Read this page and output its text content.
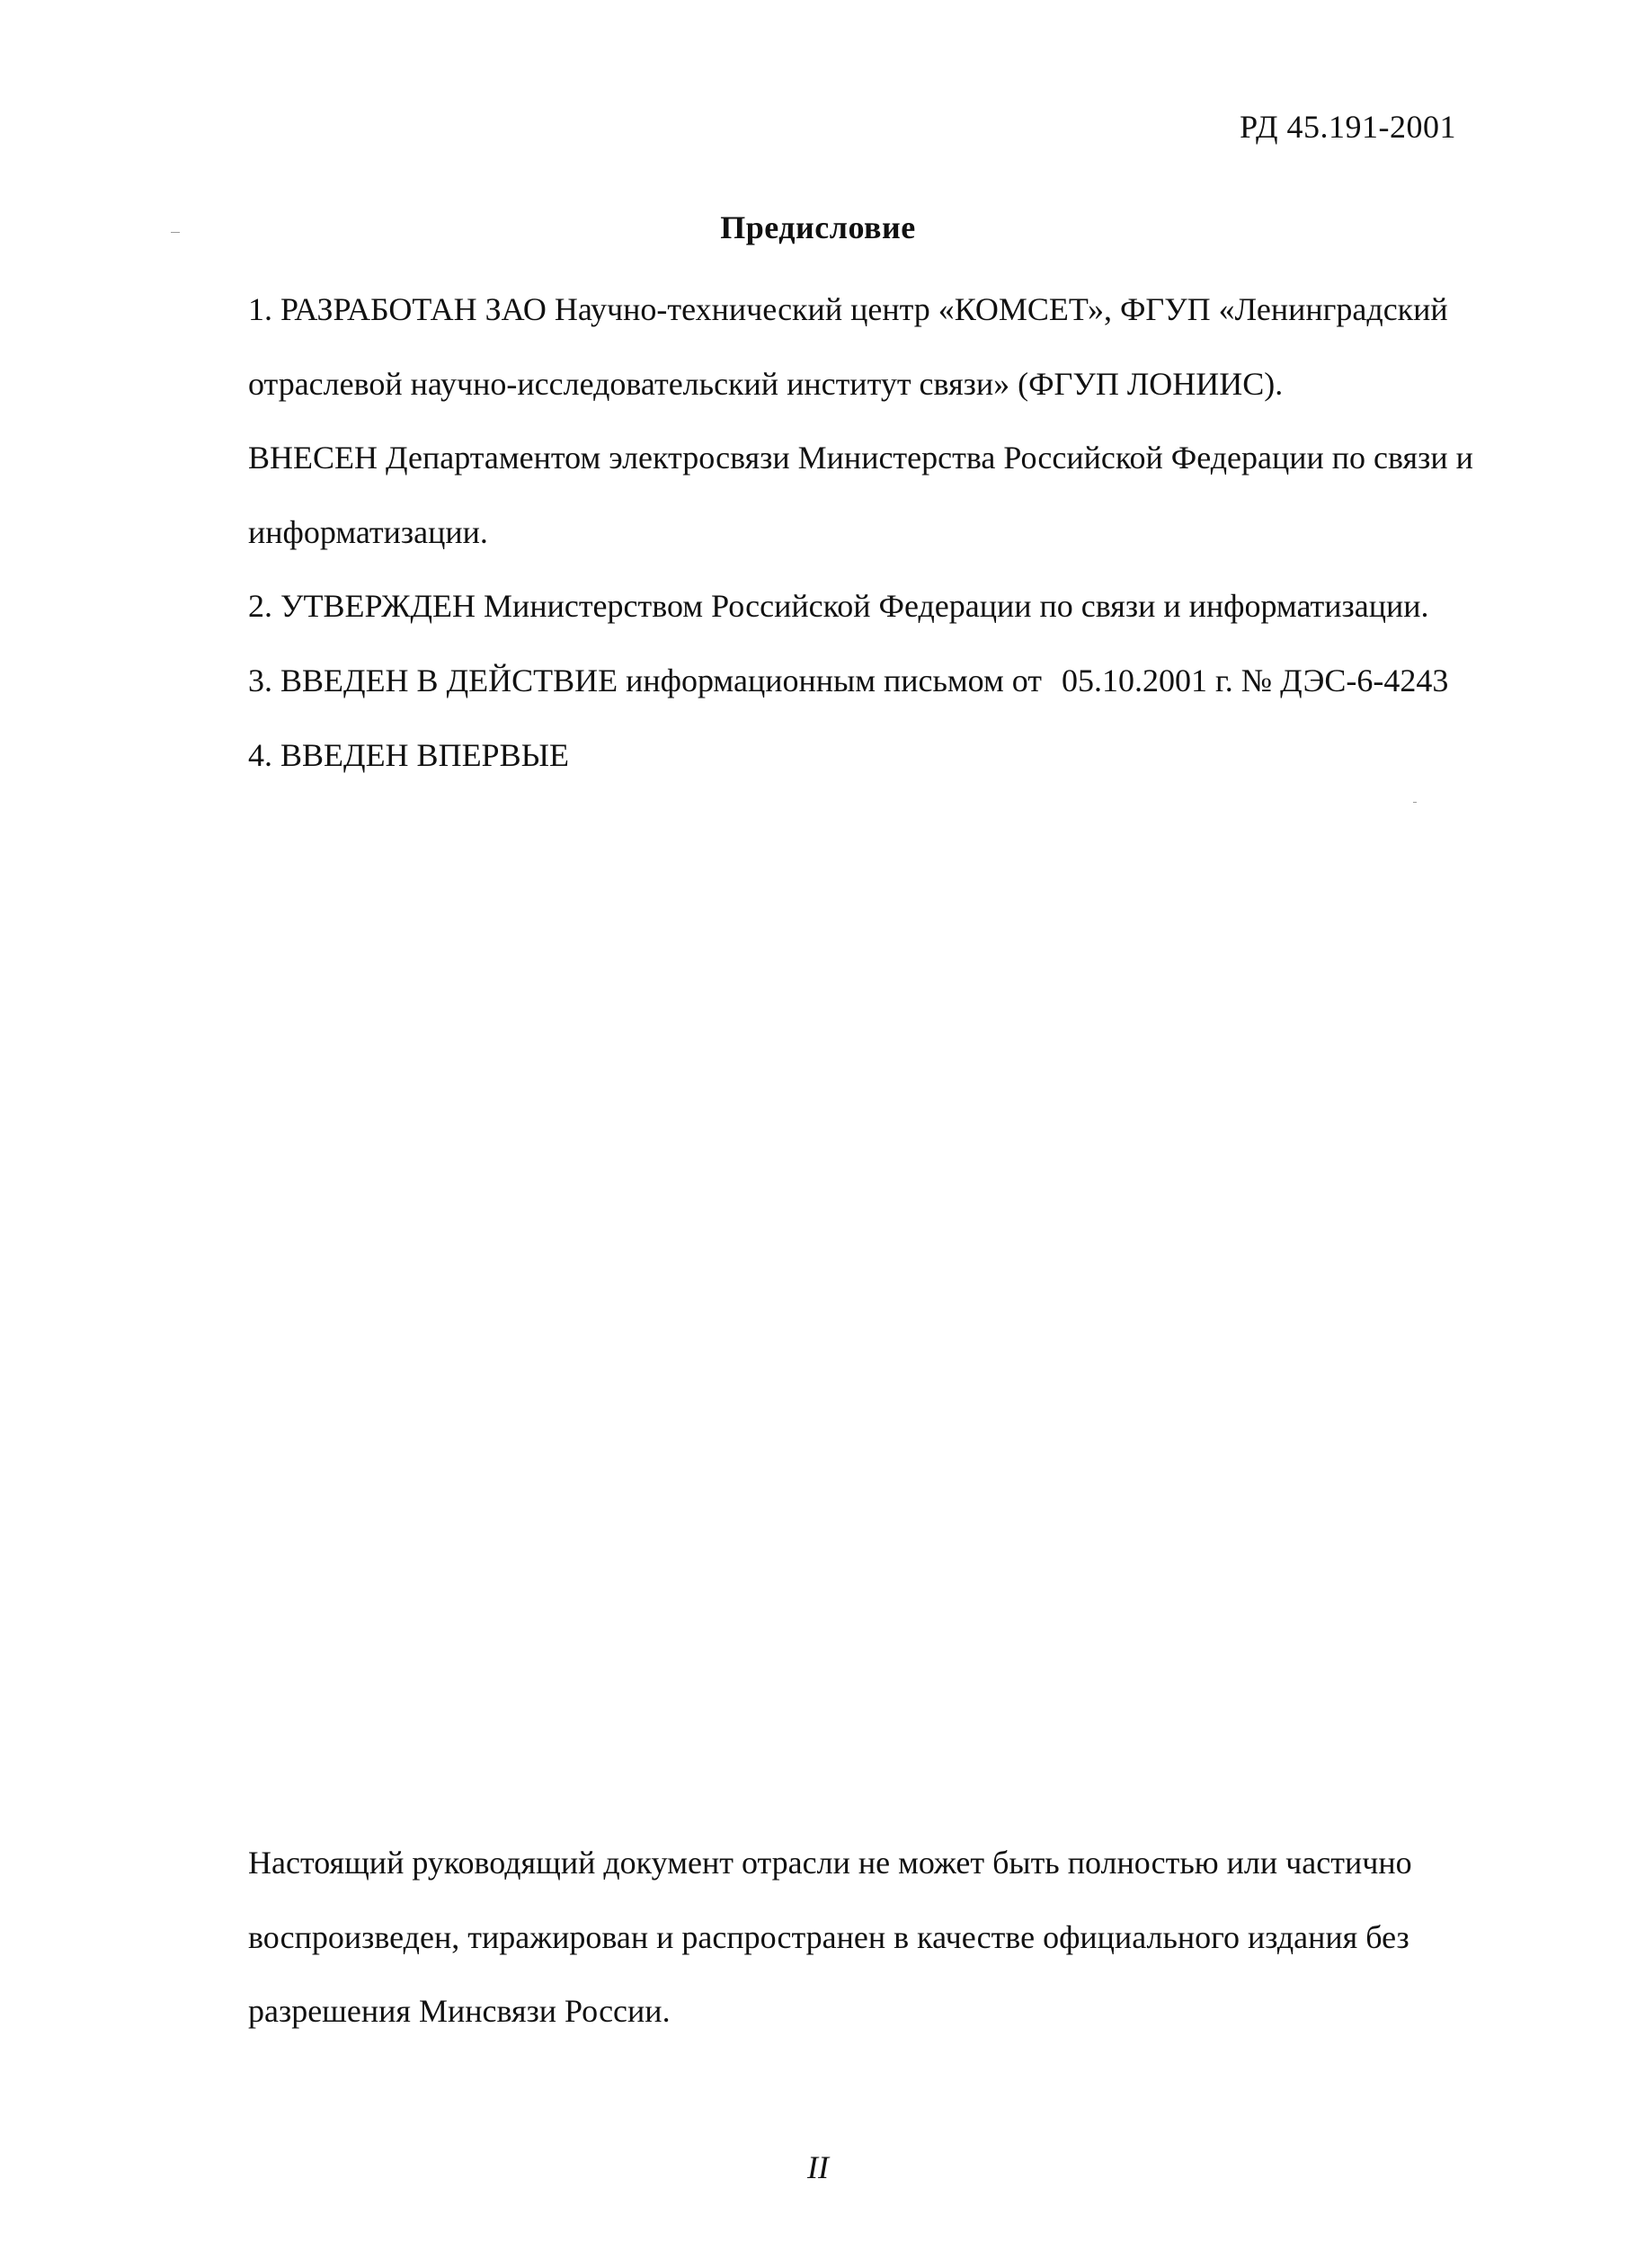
РД 45.191-2001
Предисловие
1. РАЗРАБОТАН ЗАО Научно-технический центр «КОМСЕТ», ФГУП «Ленинградский
отраслевой научно-исследовательский институт связи» (ФГУП ЛОНИИС).
ВНЕСЕН Департаментом электросвязи Министерства Российской Федерации по связи и
информатизации.
2. УТВЕРЖДЕН Министерством Российской Федерации по связи и информатизации.
3. ВВЕДЕН В ДЕЙСТВИЕ информационным письмом от 05.10.2001 г. № ДЭС-6-4243
4. ВВЕДЕН ВПЕРВЫЕ
Настоящий руководящий документ отрасли не может быть полностью или частично
воспроизведен, тиражирован и распространен в качестве официального издания без
разрешения Минсвязи России.
II
